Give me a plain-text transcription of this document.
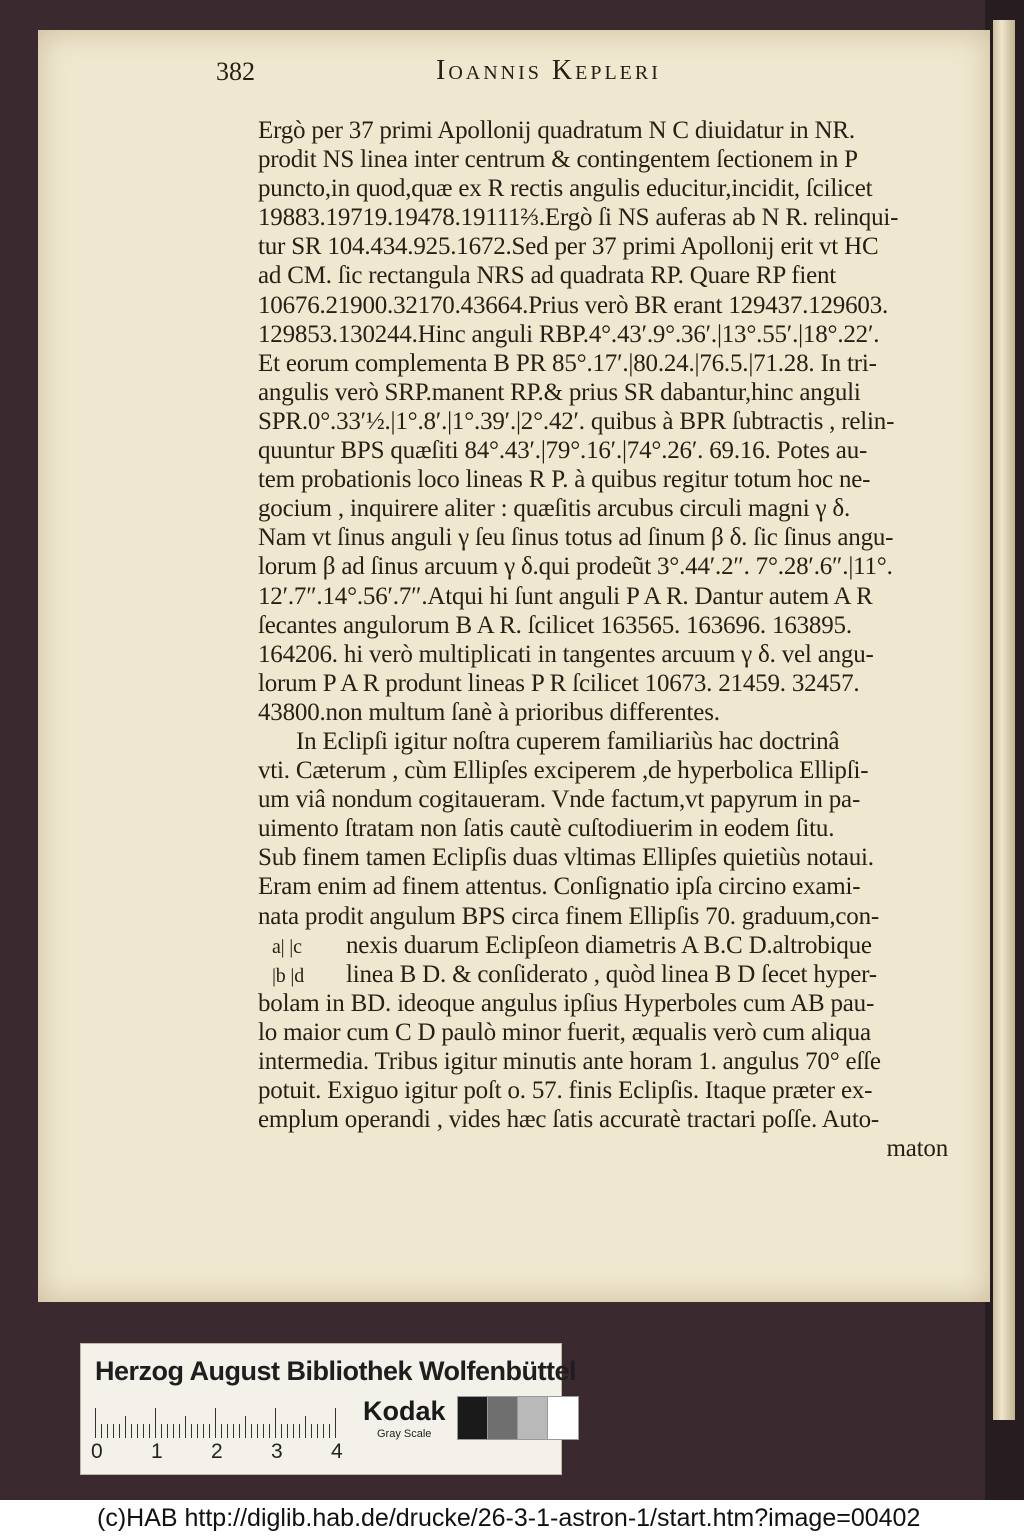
382	Ioannis Kepleri
Ergò per 37 primi Apollonij quadratum N C diuidatur in NR.
prodit NS linea inter centrum & contingentem ſectionem in P
puncto,in quod,quæ ex R rectis angulis educitur,incidit, ſcilicet
19883.19719.19478.19111⅔.Ergò ſi NS auferas ab N R. relinqui-
tur SR 104.434.925.1672.Sed per 37 primi Apollonij erit vt HC
ad CM. ſic rectangula NRS ad quadrata RP. Quare RP fient
10676.21900.32170.43664.Prius verò BR erant 129437.129603.
129853.130244.Hinc anguli RBP.4°.43′.9°.36′.|13°.55′.|18°.22′.
Et eorum complementa B PR 85°.17′.|80.24.|76.5.|71.28. In tri-
angulis verò SRP.manent RP.& prius SR dabantur,hinc anguli
SPR.0°.33′½.|1°.8′.|1°.39′.|2°.42′. quibus à BPR ſubtractis , relin-
quuntur BPS quæſiti 84°.43′.|79°.16′.|74°.26′. 69.16. Potes au-
tem probationis loco lineas R P. à quibus regitur totum hoc ne-
gocium , inquirere aliter : quæſitis arcubus circuli magni γ δ.
Nam vt ſinus anguli γ ſeu ſinus totus ad ſinum β δ. ſic ſinus angu-
lorum β ad ſinus arcuum γ δ.qui prodeũt 3°.44′.2″. 7°.28′.6″.|11°.
12′.7″.14°.56′.7″.Atqui hi ſunt anguli P A R. Dantur autem A R
ſecantes angulorum B A R. ſcilicet 163565. 163696. 163895.
164206. hi verò multiplicati in tangentes arcuum γ δ. vel angu-
lorum P A R produnt lineas P R ſcilicet 10673. 21459. 32457.
43800.non multum ſanè à prioribus differentes.
In Eclipſi igitur noſtra cuperem familiariùs hac doctrinâ
vti. Cæterum , cùm Ellipſes exciperem ,de hyperbolica Ellipſi-
um viâ nondum cogitaueram. Vnde factum,vt papyrum in pa-
uimento ſtratam non ſatis cautè cuſtodiuerim in eodem ſitu.
Sub finem tamen Eclipſis duas vltimas Ellipſes quietiùs notaui.
Eram enim ad finem attentus. Conſignatio ipſa circino exami-
nata prodit angulum BPS circa finem Ellipſis 70. graduum,con-
a| |c nexis duarum Eclipſeon diametris A B.C D.altrobique
|b |d linea B D. & conſiderato , quòd linea B D ſecet hyper-
bolam in BD. ideoque angulus ipſius Hyperboles cum AB pau-
lo maior cum C D paulò minor fuerit, æqualis verò cum aliqua
intermedia. Tribus igitur minutis ante horam 1. angulus 70° eſſe
potuit. Exiguo igitur poſt o. 57. finis Eclipſis. Itaque præter ex-
emplum operandi , vides hæc ſatis accuratè tractari poſſe. Auto-
maton
Herzog August Bibliothek Wolfenbüttel
0 1 2 3 4
Kodak
Gray Scale
(c)HAB http://diglib.hab.de/drucke/26-3-1-astron-1/start.htm?image=00402
